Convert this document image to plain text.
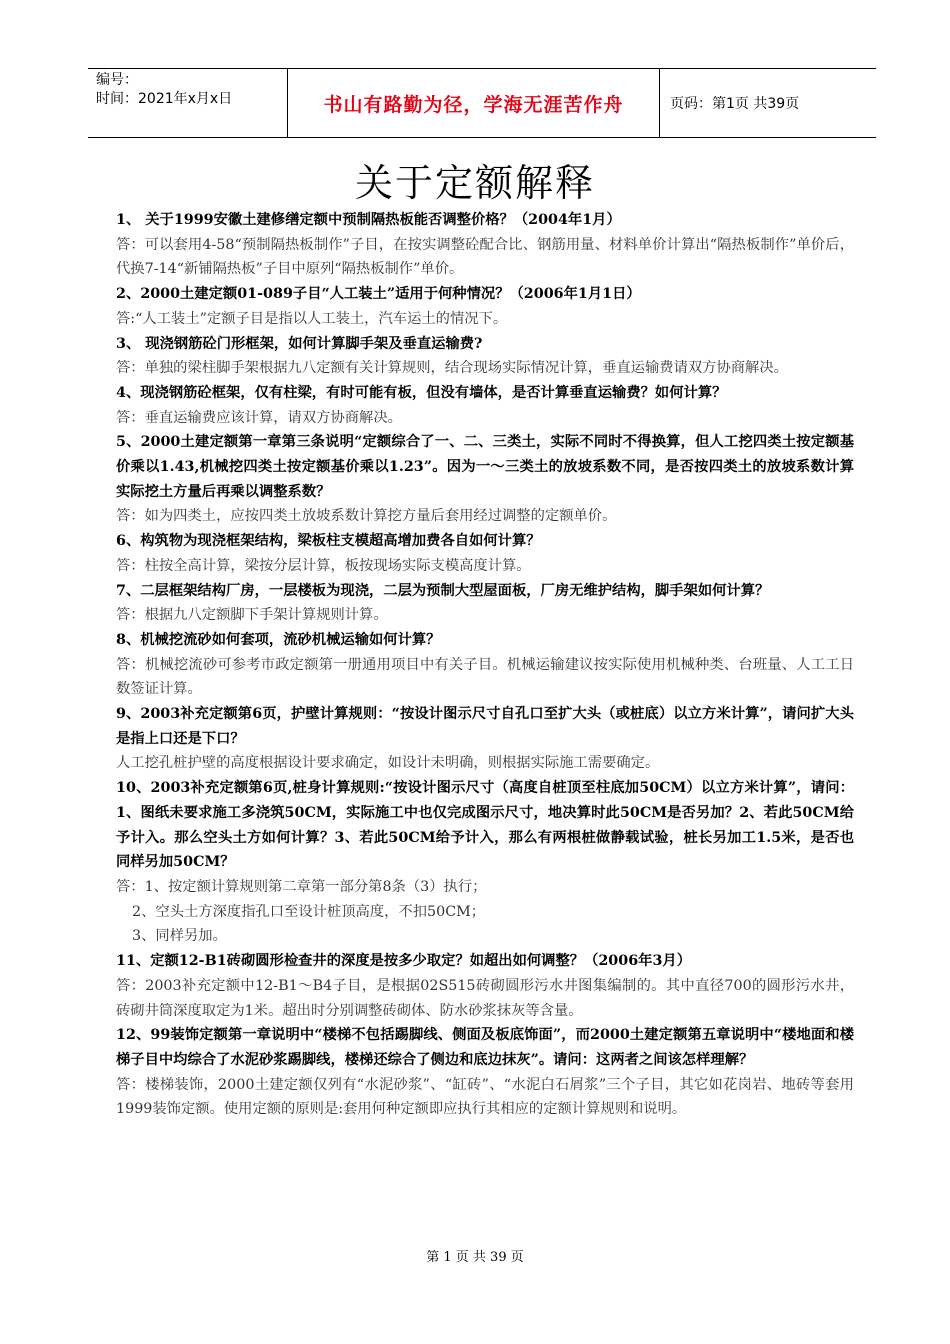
编号：
时间：2021年x月x日	书山有路勤为径，学海无涯苦作舟	页码：第1页 共39页
关于定额解释
1、 关于1999安徽土建修缮定额中预制隔热板能否调整价格？（2004年1月）
答：可以套用4-58“预制隔热板制作”子目，在按实调整砼配合比、钢筋用量、材料单价计算出“隔热板制作”单价后，代换7-14“新铺隔热板”子目中原列“隔热板制作”单价。
2、2000土建定额01-089子目“人工装土”适用于何种情况？（2006年1月1日）
答:“人工装土”定额子目是指以人工装土，汽车运土的情况下。
3、 现浇钢筋砼门形框架，如何计算脚手架及垂直运输费?
答：单独的梁柱脚手架根据九八定额有关计算规则，结合现场实际情况计算，垂直运输费请双方协商解决。
4、现浇钢筋砼框架，仅有柱梁，有时可能有板，但没有墙体，是否计算垂直运输费？如何计算？
答：垂直运输费应该计算，请双方协商解决。
5、2000土建定额第一章第三条说明“定额综合了一、二、三类土，实际不同时不得换算，但人工挖四类土按定额基价乘以1.43,机械挖四类土按定额基价乘以1.23”。因为一～三类土的放坡系数不同，是否按四类土的放坡系数计算实际挖土方量后再乘以调整系数？
答：如为四类土，应按四类土放坡系数计算挖方量后套用经过调整的定额单价。
6、构筑物为现浇框架结构，梁板柱支模超高增加费各自如何计算？
答：柱按全高计算，梁按分层计算，板按现场实际支模高度计算。
7、二层框架结构厂房，一层楼板为现浇，二层为预制大型屋面板，厂房无维护结构，脚手架如何计算？
答：根据九八定额脚下手架计算规则计算。
8、机械挖流砂如何套项，流砂机械运输如何计算？
答：机械挖流砂可参考市政定额第一册通用项目中有关子目。机械运输建议按实际使用机械种类、台班量、人工工日数签证计算。
9、2003补充定额第6页，护壁计算规则：“按设计图示尺寸自孔口至扩大头（或桩底）以立方米计算”，请问扩大头是指上口还是下口？
人工挖孔桩护壁的高度根据设计要求确定，如设计未明确，则根据实际施工需要确定。
10、2003补充定额第6页,桩身计算规则:“按设计图示尺寸（高度自桩顶至柱底加50CM）以立方米计算”，请问：1、图纸未要求施工多浇筑50CM，实际施工中也仅完成图示尺寸，地决算时此50CM是否另加？2、若此50CM给予计入。那么空头土方如何计算？3、若此50CM给予计入，那么有两根桩做静载试验，桩长另加工1.5米，是否也同样另加50CM？
答：1、按定额计算规则第二章第一部分第8条（3）执行；
2、空头土方深度指孔口至设计桩顶高度，不扣50CM；
3、同样另加。
11、定额12-B1砖砌圆形检查井的深度是按多少取定？如超出如何调整？（2006年3月）
答：2003补充定额中12-B1～B4子目，是根据02S515砖砌圆形污水井图集编制的。其中直径700的圆形污水井，砖砌井筒深度取定为1米。超出时分别调整砖砌体、防水砂浆抹灰等含量。
12、99装饰定额第一章说明中“楼梯不包括踢脚线、侧面及板底饰面”，而2000土建定额第五章说明中“楼地面和楼梯子目中均综合了水泥砂浆踢脚线，楼梯还综合了侧边和底边抹灰”。请问：这两者之间该怎样理解？
答：楼梯装饰，2000土建定额仅列有“水泥砂浆”、“缸砖”、“水泥白石屑浆”三个子目，其它如花岗岩、地砖等套用1999装饰定额。使用定额的原则是:套用何种定额即应执行其相应的定额计算规则和说明。
第 1 页 共 39 页
